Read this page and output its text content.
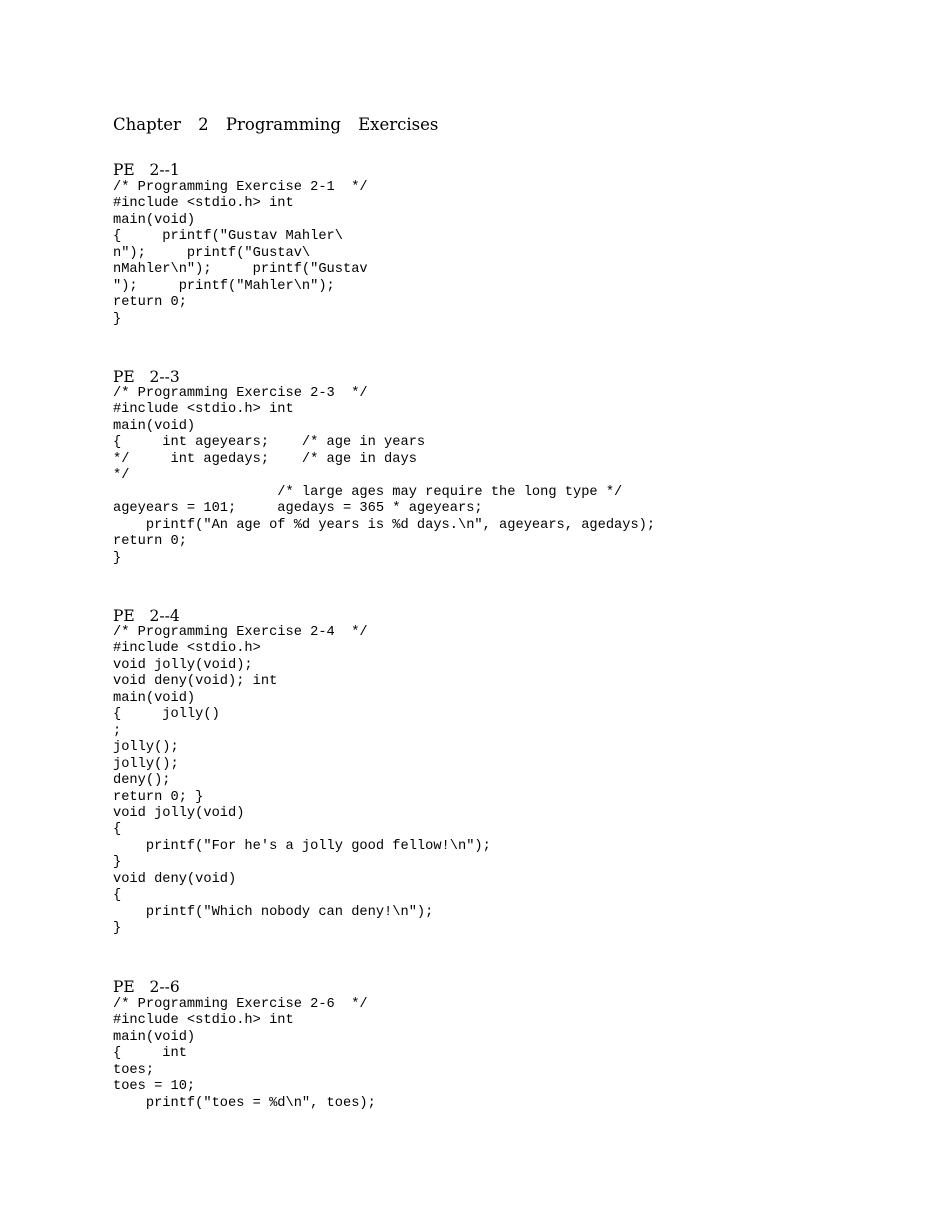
Chapter 2 Programming Exercises
PE   2‑‑1
/* Programming Exercise 2-1  */
#include <stdio.h> int
main(void)
{     printf("Gustav Mahler\
n");     printf("Gustav\
nMahler\n");     printf("Gustav
");     printf("Mahler\n");
return 0;
}
PE   2‑‑3
/* Programming Exercise 2-3  */
#include <stdio.h> int
main(void)
{     int ageyears;    /* age in years
*/     int agedays;    /* age in days
*/
/* large ages may require the long type */
ageyears = 101;     agedays = 365 * ageyears;
printf("An age of %d years is %d days.\n", ageyears, agedays);
return 0;
}
PE   2‑‑4
/* Programming Exercise 2-4  */
#include <stdio.h>
void jolly(void);
void deny(void); int
main(void)
{     jolly()
;
jolly();
jolly();
deny();
return 0; }
void jolly(void)
{
printf("For he's a jolly good fellow!\n");
}
void deny(void)
{
printf("Which nobody can deny!\n");
}
PE   2‑‑6
/* Programming Exercise 2-6  */
#include <stdio.h> int
main(void)
{     int
toes;
toes = 10;
printf("toes = %d\n", toes);
